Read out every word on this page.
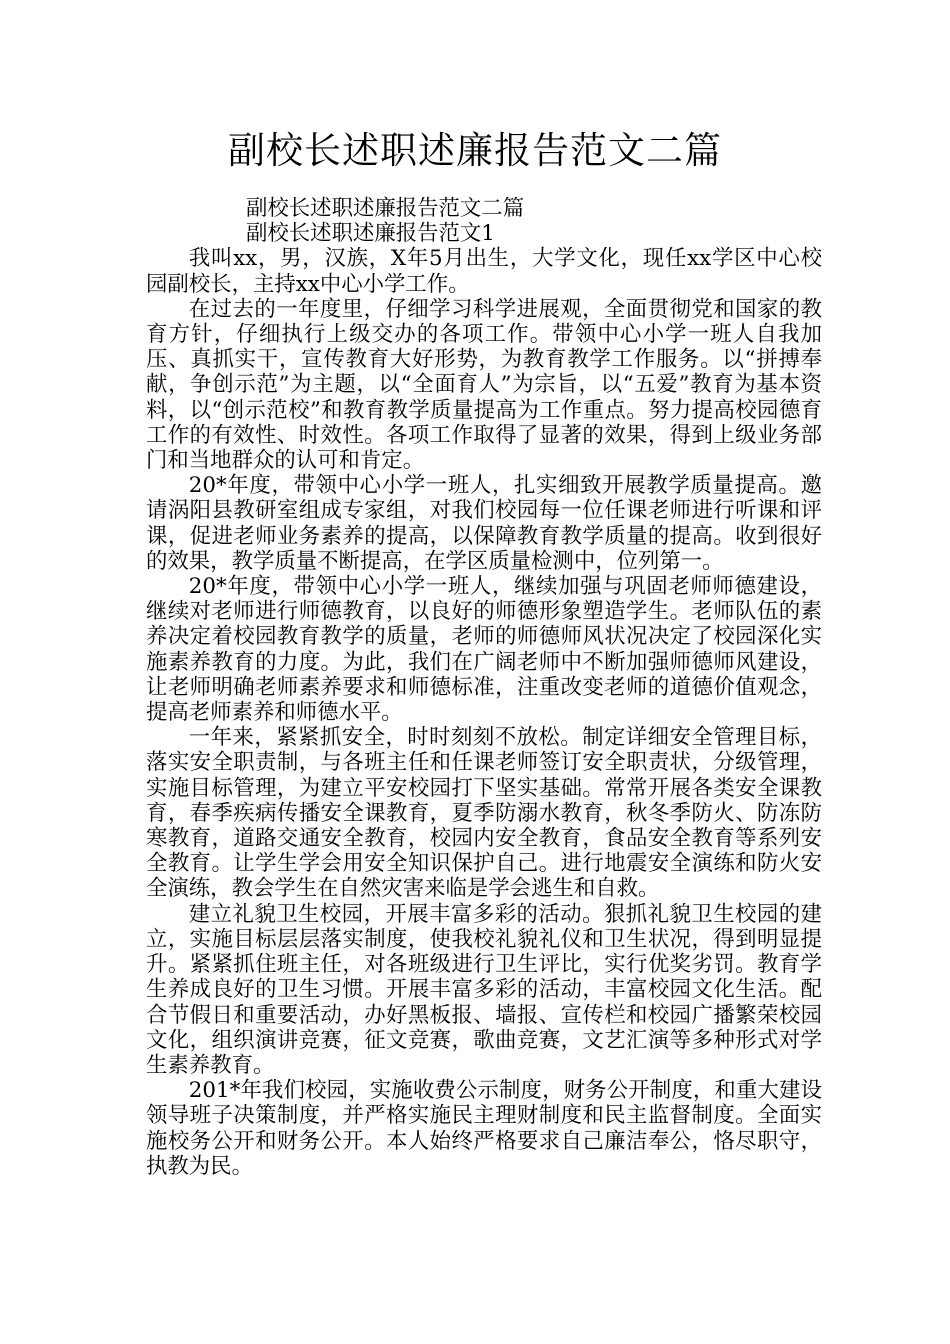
副校长述职述廉报告范文二篇

副校长述职述廉报告范文二篇

副校长述职述廉报告范文1

我叫xx，男，汉族，X年5月出生，大学文化，现任xx学区中心校园副校长，主持xx中心小学工作。

在过去的一年度里，仔细学习科学进展观，全面贯彻党和国家的教育方针，仔细执行上级交办的各项工作。带领中心小学一班人自我加压、真抓实干，宣传教育大好形势，为教育教学工作服务。以“拼搏奉献，争创示范”为主题，以“全面育人”为宗旨，以“五爱”教育为基本资料，以“创示范校”和教育教学质量提高为工作重点。努力提高校园德育工作的有效性、时效性。各项工作取得了显著的效果，得到上级业务部门和当地群众的认可和肯定。

20*年度，带领中心小学一班人，扎实细致开展教学质量提高。邀请涡阳县教研室组成专家组，对我们校园每一位任课老师进行听课和评课，促进老师业务素养的提高，以保障教育教学质量的提高。收到很好的效果，教学质量不断提高，在学区质量检测中，位列第一。

20*年度，带领中心小学一班人，继续加强与巩固老师师德建设，继续对老师进行师德教育，以良好的师德形象塑造学生。老师队伍的素养决定着校园教育教学的质量，老师的师德师风状况决定了校园深化实施素养教育的力度。为此，我们在广阔老师中不断加强师德师风建设，让老师明确老师素养要求和师德标准，注重改变老师的道德价值观念，提高老师素养和师德水平。

一年来，紧紧抓安全，时时刻刻不放松。制定详细安全管理目标，落实安全职责制，与各班主任和任课老师签订安全职责状，分级管理，实施目标管理，为建立平安校园打下坚实基础。常常开展各类安全课教育，春季疾病传播安全课教育，夏季防溺水教育，秋冬季防火、防冻防寒教育，道路交通安全教育，校园内安全教育，食品安全教育等系列安全教育。让学生学会用安全知识保护自己。进行地震安全演练和防火安全演练，教会学生在自然灾害来临是学会逃生和自救。

建立礼貌卫生校园，开展丰富多彩的活动。狠抓礼貌卫生校园的建立，实施目标层层落实制度，使我校礼貌礼仪和卫生状况，得到明显提升。紧紧抓住班主任，对各班级进行卫生评比，实行优奖劣罚。教育学生养成良好的卫生习惯。开展丰富多彩的活动，丰富校园文化生活。配合节假日和重要活动，办好黑板报、墙报、宣传栏和校园广播繁荣校园文化，组织演讲竞赛，征文竞赛，歌曲竞赛，文艺汇演等多种形式对学生素养教育。

201*年我们校园，实施收费公示制度，财务公开制度，和重大建设领导班子决策制度，并严格实施民主理财制度和民主监督制度。全面实施校务公开和财务公开。本人始终严格要求自己廉洁奉公，恪尽职守，执教为民。
